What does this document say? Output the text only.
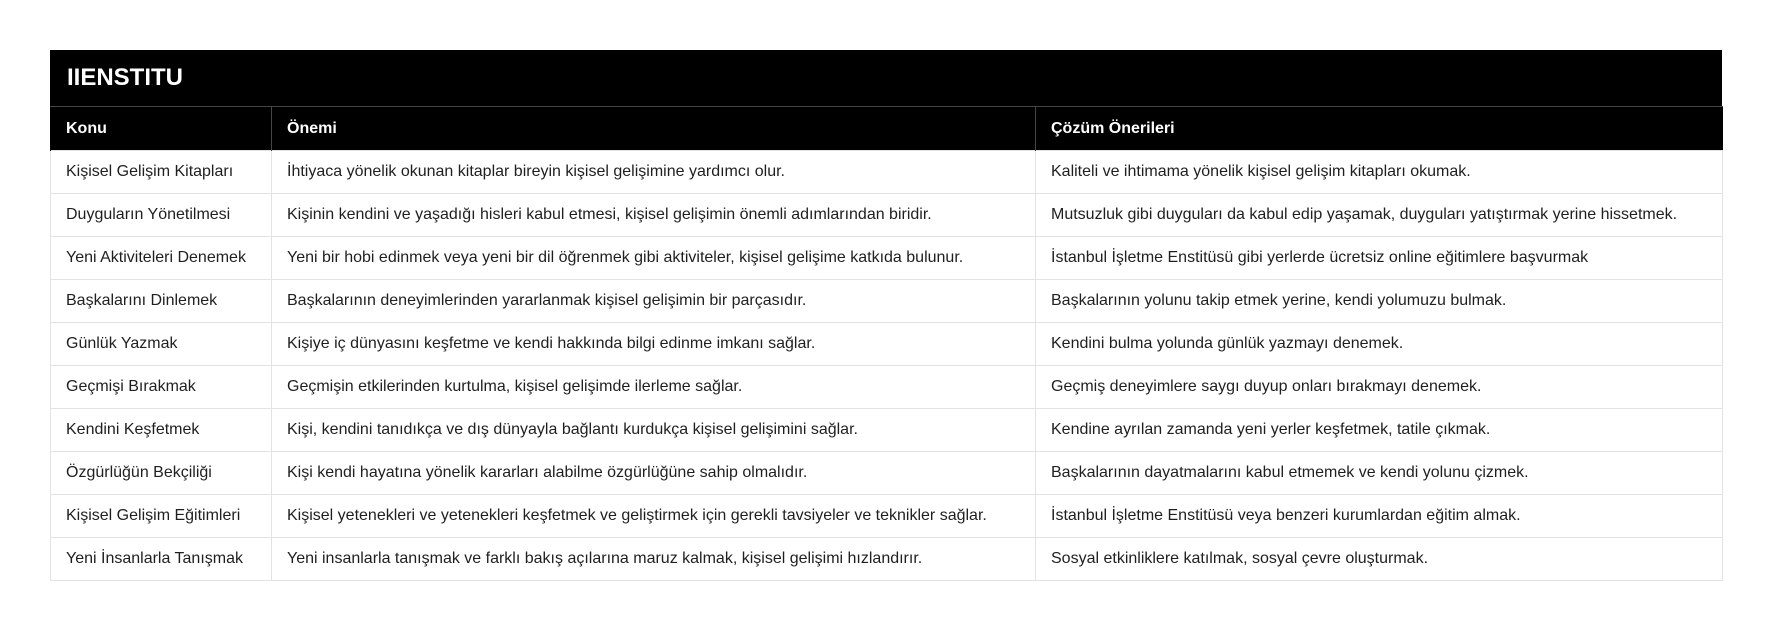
IIENSTITU
Konu	Önemi	Çözüm Önerileri
Kişisel Gelişim Kitapları	İhtiyaca yönelik okunan kitaplar bireyin kişisel gelişimine yardımcı olur.	Kaliteli ve ihtimama yönelik kişisel gelişim kitapları okumak.
Duyguların Yönetilmesi	Kişinin kendini ve yaşadığı hisleri kabul etmesi, kişisel gelişimin önemli adımlarından biridir.	Mutsuzluk gibi duyguları da kabul edip yaşamak, duyguları yatıştırmak yerine hissetmek.
Yeni Aktiviteleri Denemek	Yeni bir hobi edinmek veya yeni bir dil öğrenmek gibi aktiviteler, kişisel gelişime katkıda bulunur.	İstanbul İşletme Enstitüsü gibi yerlerde ücretsiz online eğitimlere başvurmak
Başkalarını Dinlemek	Başkalarının deneyimlerinden yararlanmak kişisel gelişimin bir parçasıdır.	Başkalarının yolunu takip etmek yerine, kendi yolumuzu bulmak.
Günlük Yazmak	Kişiye iç dünyasını keşfetme ve kendi hakkında bilgi edinme imkanı sağlar.	Kendini bulma yolunda günlük yazmayı denemek.
Geçmişi Bırakmak	Geçmişin etkilerinden kurtulma, kişisel gelişimde ilerleme sağlar.	Geçmiş deneyimlere saygı duyup onları bırakmayı denemek.
Kendini Keşfetmek	Kişi, kendini tanıdıkça ve dış dünyayla bağlantı kurdukça kişisel gelişimini sağlar.	Kendine ayrılan zamanda yeni yerler keşfetmek, tatile çıkmak.
Özgürlüğün Bekçiliği	Kişi kendi hayatına yönelik kararları alabilme özgürlüğüne sahip olmalıdır.	Başkalarının dayatmalarını kabul etmemek ve kendi yolunu çizmek.
Kişisel Gelişim Eğitimleri	Kişisel yetenekleri ve yetenekleri keşfetmek ve geliştirmek için gerekli tavsiyeler ve teknikler sağlar.	İstanbul İşletme Enstitüsü veya benzeri kurumlardan eğitim almak.
Yeni İnsanlarla Tanışmak	Yeni insanlarla tanışmak ve farklı bakış açılarına maruz kalmak, kişisel gelişimi hızlandırır.	Sosyal etkinliklere katılmak, sosyal çevre oluşturmak.
